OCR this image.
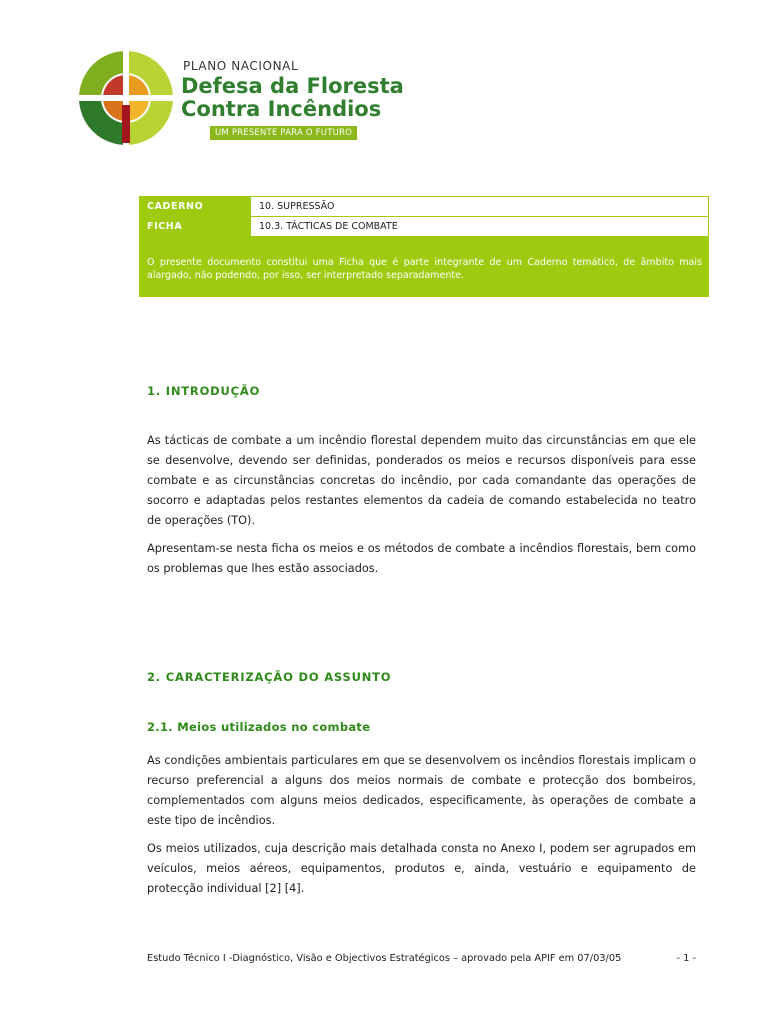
PLANO NACIONAL
Defesa da Floresta
Contra Incêndios
UM PRESENTE PARA O FUTURO
CADERNO	10. SUPRESSÃO
FICHA	10.3. TÁCTICAS DE COMBATE
O presente documento constitui uma Ficha que é parte integrante de um Caderno temático, de âmbito mais alargado, não podendo, por isso, ser interpretado separadamente.
1. INTRODUÇÃO

As tácticas de combate a um incêndio florestal dependem muito das circunstâncias em que ele se desenvolve, devendo ser definidas, ponderados os meios e recursos disponíveis para esse combate e as circunstâncias concretas do incêndio, por cada comandante das operações de socorro e adaptadas pelos restantes elementos da cadeia de comando estabelecida no teatro de operações (TO).

Apresentam-se nesta ficha os meios e os métodos de combate a incêndios florestais, bem como os problemas que lhes estão associados.

2. CARACTERIZAÇÃO DO ASSUNTO
2.1. Meios utilizados no combate

As condições ambientais particulares em que se desenvolvem os incêndios florestais implicam o recurso preferencial a alguns dos meios normais de combate e protecção dos bombeiros, complementados com alguns meios dedicados, especificamente, às operações de combate a este tipo de incêndios.

Os meios utilizados, cuja descrição mais detalhada consta no Anexo I, podem ser agrupados em veículos, meios aéreos, equipamentos, produtos e, ainda, vestuário e equipamento de protecção individual [2] [4].

Estudo Técnico I -Diagnóstico, Visão e Objectivos Estratégicos – aprovado pela APIF em 07/03/05	- 1 -
